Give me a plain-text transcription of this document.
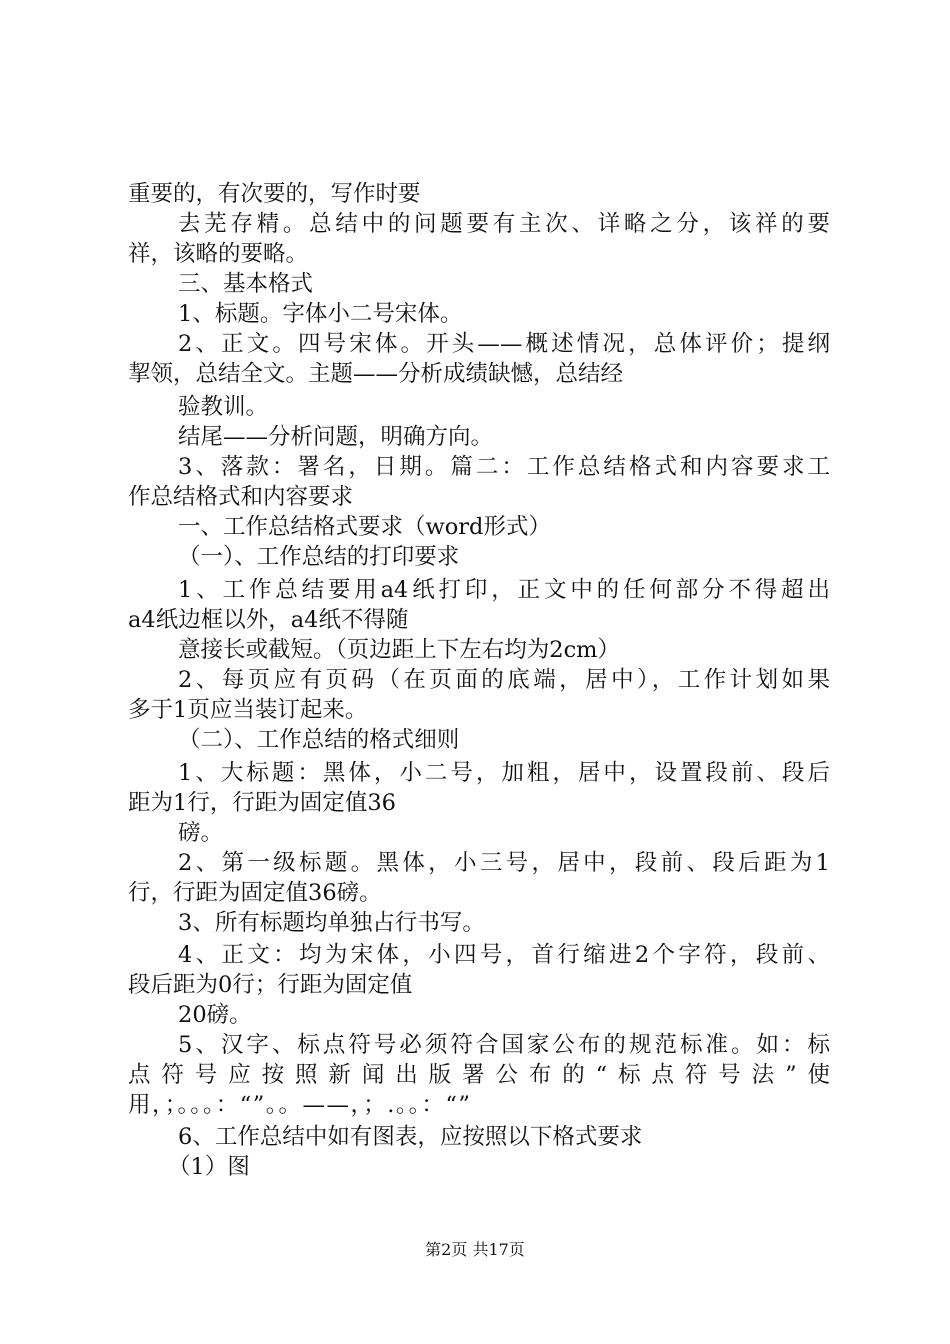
重要的，有次要的，写作时要

去芜存精。总结中的问题要有主次、详略之分，该祥的要

祥，该略的要略。

三、基本格式

1、标题。字体小二号宋体。

2、正文。四号宋体。开头——概述情况，总体评价；提纲

挈领，总结全文。主题——分析成绩缺憾，总结经

验教训。

结尾——分析问题，明确方向。

3、落款：署名，日期。篇二：工作总结格式和内容要求工

作总结格式和内容要求

一、工作总结格式要求（word形式）

（一）、工作总结的打印要求

1、工作总结要用a4纸打印，正文中的任何部分不得超出

a4纸边框以外，a4纸不得随

意接长或截短。（页边距上下左右均为2cm）

2、每页应有页码（在页面的底端，居中），工作计划如果

多于1页应当装订起来。

（二）、工作总结的格式细则

1、大标题：黑体，小二号，加粗，居中，设置段前、段后

距为1行，行距为固定值36

磅。

2、第一级标题。黑体，小三号，居中，段前、段后距为1

行，行距为固定值36磅。

3、所有标题均单独占行书写。

4、正文：均为宋体，小四号，首行缩进2个字符，段前、

段后距为0行；行距为固定值

20磅。

5、汉字、标点符号必须符合国家公布的规范标准。如：标

点符号应按照新闻出版署公布的“标点符号法”使

用，；。。。：“”。。——，；.。。：“”

6、工作总结中如有图表，应按照以下格式要求

（1）图

第2页 共17页
